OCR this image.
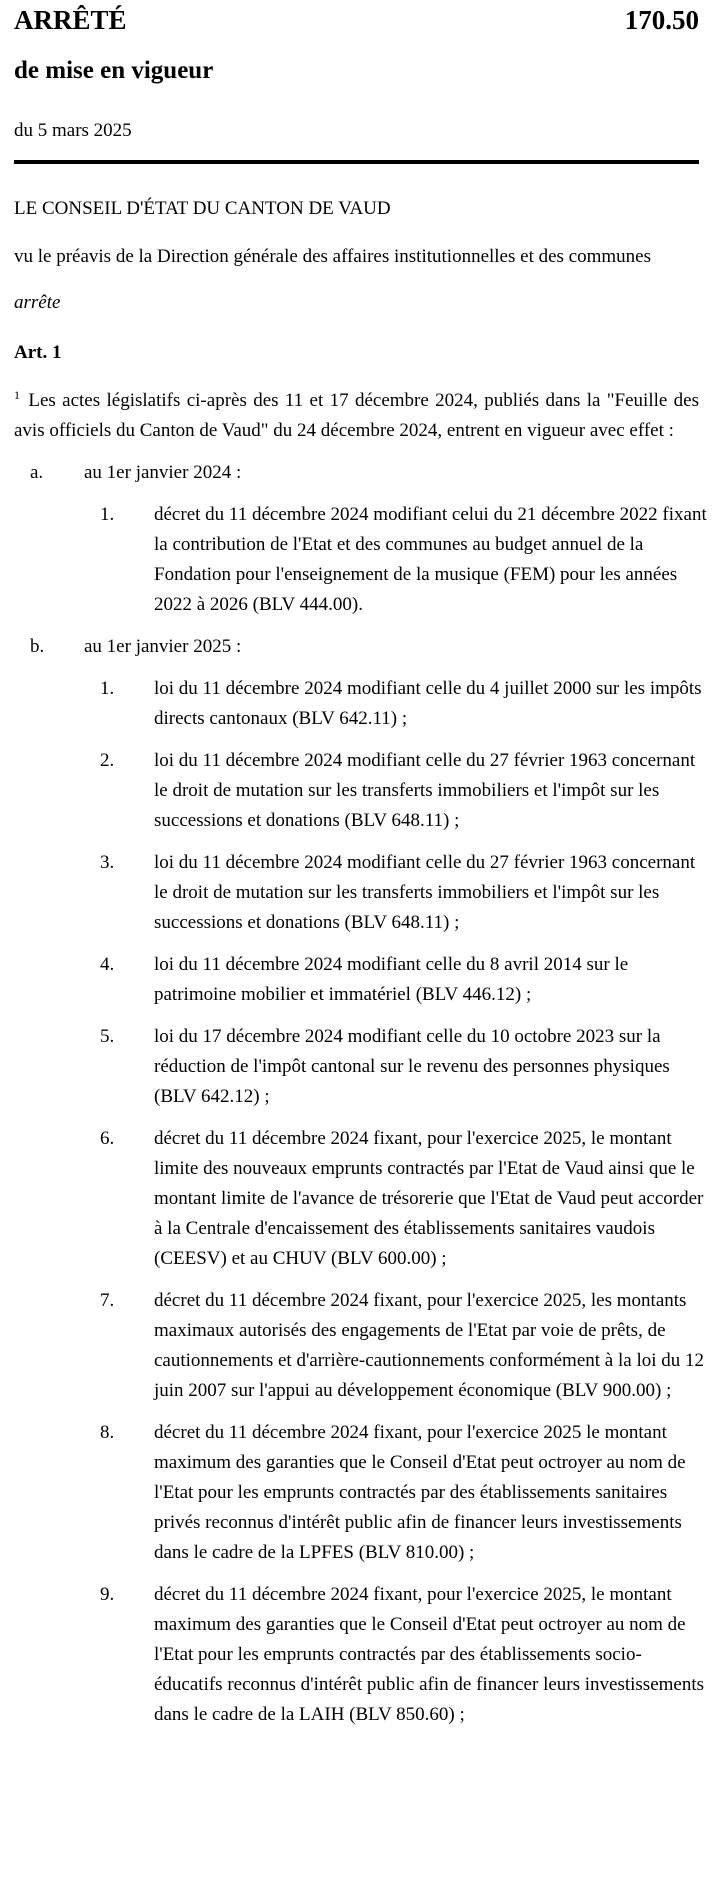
ARRÊTÉ	170.50
de mise en vigueur
du 5 mars 2025
LE CONSEIL D'ÉTAT DU CANTON DE VAUD
vu le préavis de la Direction générale des affaires institutionnelles et des communes
arrête
Art. 1
$^1$ Les actes législatifs ci-après des 11 et 17 décembre 2024, publiés dans la "Feuille des avis officiels du Canton de Vaud" du 24 décembre 2024, entrent en vigueur avec effet :
a.	au 1er janvier 2024 :
1.	décret du 11 décembre 2024 modifiant celui du 21 décembre 2022 fixant la contribution de l'Etat et des communes au budget annuel de la Fondation pour l'enseignement de la musique (FEM) pour les années 2022 à 2026 (BLV 444.00).
b.	au 1er janvier 2025 :
1.	loi du 11 décembre 2024 modifiant celle du 4 juillet 2000 sur les impôts directs cantonaux (BLV 642.11) ;
2.	loi du 11 décembre 2024 modifiant celle du 27 février 1963 concernant le droit de mutation sur les transferts immobiliers et l'impôt sur les successions et donations (BLV 648.11) ;
3.	loi du 11 décembre 2024 modifiant celle du 27 février 1963 concernant le droit de mutation sur les transferts immobiliers et l'impôt sur les successions et donations (BLV 648.11) ;
4.	loi du 11 décembre 2024 modifiant celle du 8 avril 2014 sur le patrimoine mobilier et immatériel (BLV 446.12) ;
5.	loi du 17 décembre 2024 modifiant celle du 10 octobre 2023 sur la réduction de l'impôt cantonal sur le revenu des personnes physiques (BLV 642.12) ;
6.	décret du 11 décembre 2024 fixant, pour l'exercice 2025, le montant limite des nouveaux emprunts contractés par l'Etat de Vaud ainsi que le montant limite de l'avance de trésorerie que l'Etat de Vaud peut accorder à la Centrale d'encaissement des établissements sanitaires vaudois (CEESV) et au CHUV (BLV 600.00) ;
7.	décret du 11 décembre 2024 fixant, pour l'exercice 2025, les montants maximaux autorisés des engagements de l'Etat par voie de prêts, de cautionnements et d'arrière-cautionnements conformément à la loi du 12 juin 2007 sur l'appui au développement économique (BLV 900.00) ;
8.	décret du 11 décembre 2024 fixant, pour l'exercice 2025 le montant maximum des garanties que le Conseil d'Etat peut octroyer au nom de l'Etat pour les emprunts contractés par des établissements sanitaires privés reconnus d'intérêt public afin de financer leurs investissements dans le cadre de la LPFES (BLV 810.00) ;
9.	décret du 11 décembre 2024 fixant, pour l'exercice 2025, le montant maximum des garanties que le Conseil d'Etat peut octroyer au nom de l'Etat pour les emprunts contractés par des établissements socio-éducatifs reconnus d'intérêt public afin de financer leurs investissements dans le cadre de la LAIH (BLV 850.60) ;
